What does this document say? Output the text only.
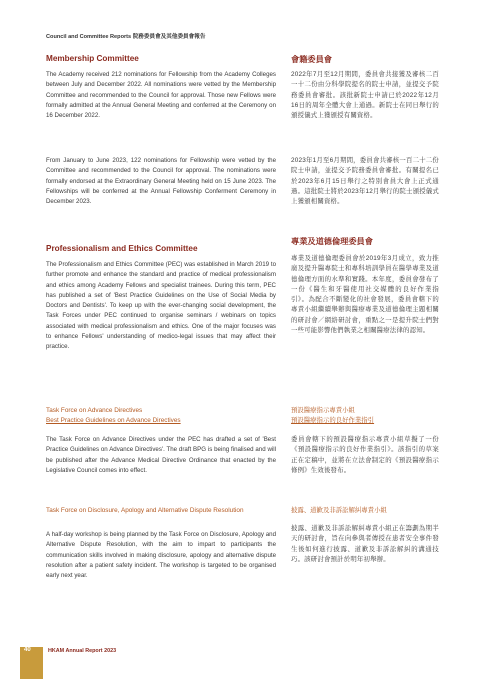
Council and Committee Reports 院務委員會及其他委員會報告
Membership Committee

The Academy received 212 nominations for Fellowship from the Academy Colleges between July and December 2022. All nominations were vetted by the Membership Committee and recommended to the Council for approval. Those new Fellows were formally admitted at the Annual General Meeting and conferred at the Ceremony on 16 December 2022.

From January to June 2023, 122 nominations for Fellowship were vetted by the Committee and recommended to the Council for approval. The nominations were formally endorsed at the Extraordinary General Meeting held on 15 June 2023. The Fellowships will be conferred at the Annual Fellowship Conferment Ceremony in December 2023.

Professionalism and Ethics Committee

The Professionalism and Ethics Committee (PEC) was established in March 2019 to further promote and enhance the standard and practice of medical professionalism and ethics among Academy Fellows and specialist trainees. During this term, PEC has published a set of 'Best Practice Guidelines on the Use of Social Media by Doctors and Dentists'. To keep up with the ever-changing social development, the Task Forces under PEC continued to organise seminars / webinars on topics associated with medical professionalism and ethics. One of the major focuses was to enhance Fellows' understanding of medico-legal issues that may affect their practice.

Task Force on Advance Directives
Best Practice Guidelines on Advance Directives

The Task Force on Advance Directives under the PEC has drafted a set of 'Best Practice Guidelines on Advance Directives'. The draft BPG is being finalised and will be published after the Advance Medical Directive Ordinance that enacted by the Legislative Council comes into effect.

Task Force on Disclosure, Apology and Alternative Dispute Resolution

A half-day workshop is being planned by the Task Force on Disclosure, Apology and Alternative Dispute Resolution, with the aim to impart to participants the communication skills involved in making disclosure, apology and alternative dispute resolution after a patient safety incident. The workshop is targeted to be organised early next year.

會籍委員會

2022年7月至12月期間，委員會共接獲及審核二百一十二份由分科學院提名的院士申請，並提交予院務委員會審批。該批新院士申請已於2022年12月16日的周年全體大會上通過。新院士在同日舉行的頒授儀式上獲頒授有關資格。

2023年1月至6月期間，委員會共審核一百二十二份院士申請，並提交予院務委員會審批。有關提名已於2023年6月15日舉行之特別會員大會上正式通過。這批院士將於2023年12月舉行的院士頒授儀式上獲頒相關資格。

專業及道德倫理委員會

專業及道德倫理委員會於2019年3月成立，致力推廣及提升醫專院士和專科培訓學員在醫學專業及道德倫理方面的水準和實踐。本年度，委員會發布了一份《醫生和牙醫使用社交媒體的良好作業指引》。為配合不斷變化的社會發展，委員會轄下的專責小組繼續舉辦與醫療專業及道德倫理主題相關的研討會／網絡研討會，重點之一是提升院士們對一些可能影響他們執業之相關醫療法律的認知。

預設醫療指示專責小組
預設醫療指示的良好作業指引

委員會轄下的預設醫療指示專責小組草擬了一份《預設醫療指示的良好作業指引》。該指引的草案正在定稿中，並將在立法會制定的《預設醫療指示條例》生效後發布。

披露、道歉及非訴訟解糾專責小組

披露、道歉及非訴訟解糾專責小組正在籌劃為期半天的研討會，旨在向參與者傳授在患者安全事件發生後如何進行披露、道歉及非訴訟解糾的溝通技巧。該研討會預計於明年初舉辦。

40	HKAM Annual Report 2023
